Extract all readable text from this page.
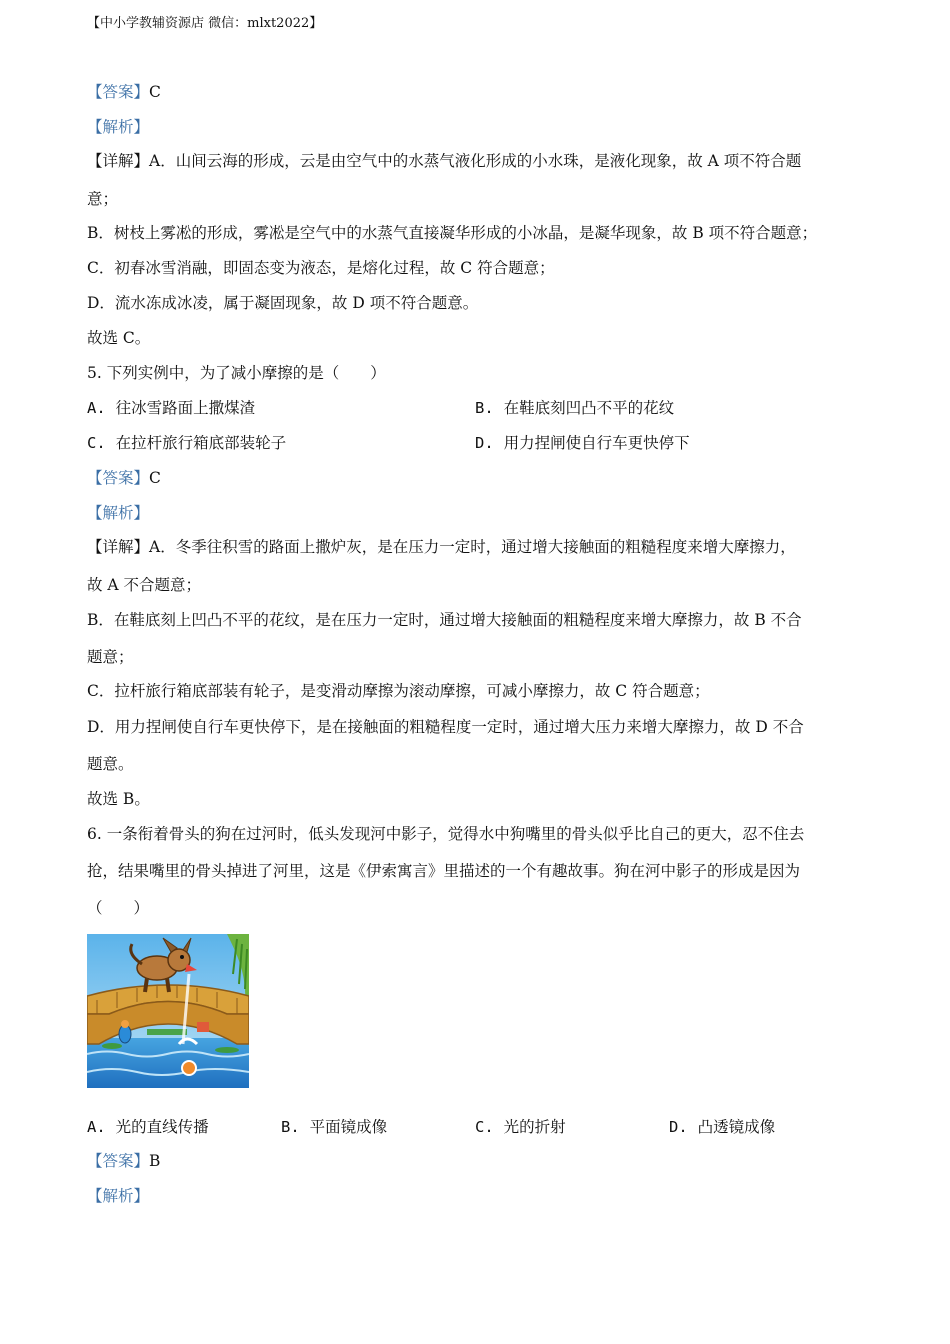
【中小学教辅资源店 微信：mlxt2022】
【答案】C
【解析】
【详解】A．山间云海的形成，云是由空气中的水蒸气液化形成的小水珠，是液化现象，故 A 项不符合题
意；
B．树枝上雾凇的形成，雾凇是空气中的水蒸气直接凝华形成的小冰晶，是凝华现象，故 B 项不符合题意；
C．初春冰雪消融，即固态变为液态，是熔化过程，故 C 符合题意；
D．流水冻成冰凌，属于凝固现象，故 D 项不符合题意。
故选 C。
5. 下列实例中，为了减小摩擦的是（　　）
A. 往冰雪路面上撒煤渣	B. 在鞋底刻凹凸不平的花纹
C. 在拉杆旅行箱底部装轮子	D. 用力捏闸使自行车更快停下
【答案】C
【解析】
【详解】A．冬季往积雪的路面上撒炉灰，是在压力一定时，通过增大接触面的粗糙程度来增大摩擦力，
故 A 不合题意；
B．在鞋底刻上凹凸不平的花纹，是在压力一定时，通过增大接触面的粗糙程度来增大摩擦力，故 B 不合
题意；
C．拉杆旅行箱底部装有轮子，是变滑动摩擦为滚动摩擦，可减小摩擦力，故 C 符合题意；
D．用力捏闸使自行车更快停下，是在接触面的粗糙程度一定时，通过增大压力来增大摩擦力，故 D 不合
题意。
故选 B。
6. 一条衔着骨头的狗在过河时，低头发现河中影子，觉得水中狗嘴里的骨头似乎比自己的更大，忍不住去
抢，结果嘴里的骨头掉进了河里，这是《伊索寓言》里描述的一个有趣故事。狗在河中影子的形成是因为
（　　）
A. 光的直线传播	B. 平面镜成像	C. 光的折射	D. 凸透镜成像
【答案】B
【解析】
